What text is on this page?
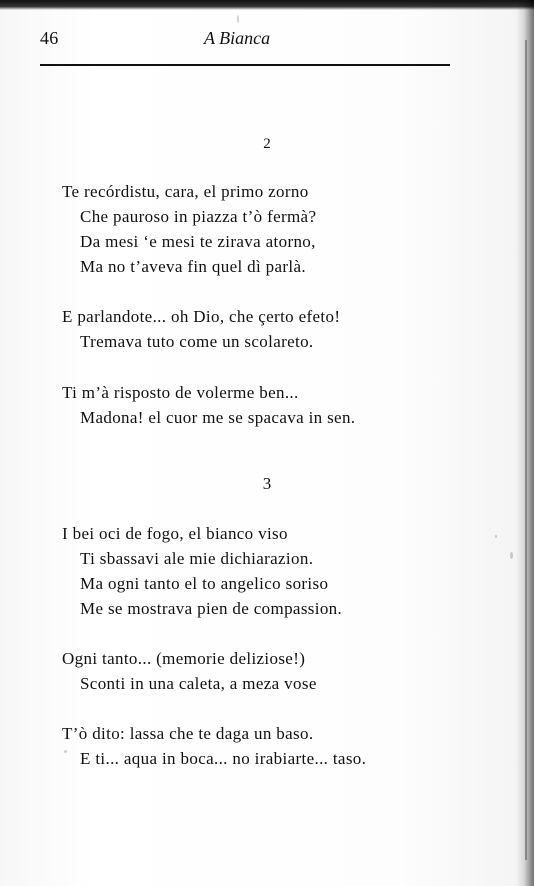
46	A Bianca
2
Te recórdistu, cara, el primo zorno
Che pauroso in piazza t’ò fermà?
Da mesi ‘e mesi te zirava atorno,
Ma no t’aveva fin quel dì parlà.
E parlandote... oh Dio, che çerto efeto!
Tremava tuto come un scolareto.
Ti m’à risposto de volerme ben...
Madona! el cuor me se spacava in sen.
3
I bei oci de fogo, el bianco viso
Ti sbassavi ale mie dichiarazion.
Ma ogni tanto el to angelico soriso
Me se mostrava pien de compassion.
Ogni tanto... (memorie deliziose!)
Sconti in una caleta, a meza vose
T’ò dito: lassa che te daga un baso.
E ti... aqua in boca... no irabiarte... taso.
